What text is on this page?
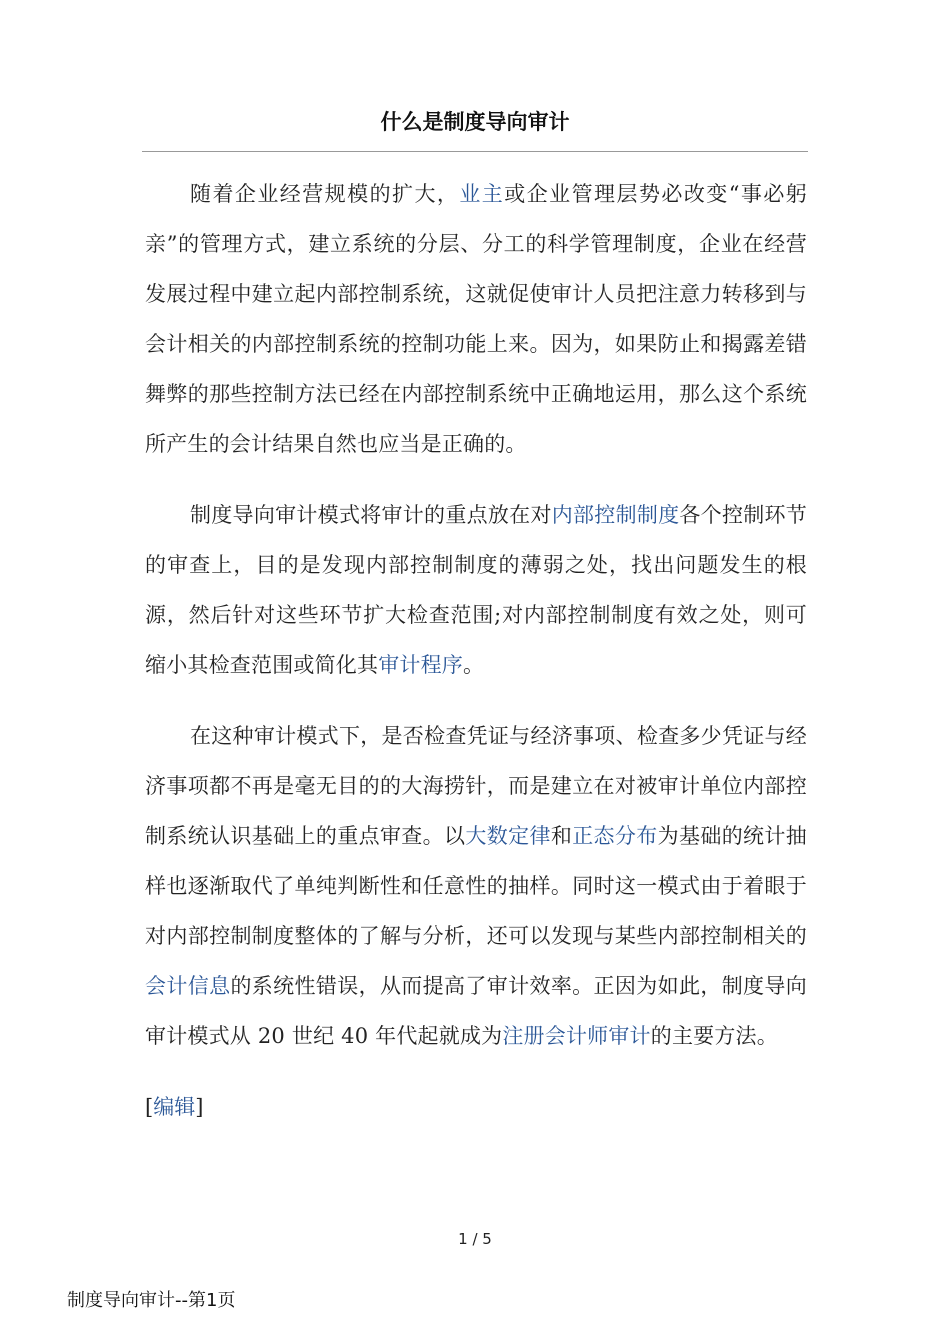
什么是制度导向审计

随着企业经营规模的扩大，业主或企业管理层势必改变“事必躬亲”的管理方式，建立系统的分层、分工的科学管理制度，企业在经营发展过程中建立起内部控制系统，这就促使审计人员把注意力转移到与会计相关的内部控制系统的控制功能上来。因为，如果防止和揭露差错舞弊的那些控制方法已经在内部控制系统中正确地运用，那么这个系统所产生的会计结果自然也应当是正确的。

制度导向审计模式将审计的重点放在对内部控制制度各个控制环节的审查上，目的是发现内部控制制度的薄弱之处，找出问题发生的根源，然后针对这些环节扩大检查范围;对内部控制制度有效之处，则可缩小其检查范围或简化其审计程序。

在这种审计模式下，是否检查凭证与经济事项、检查多少凭证与经济事项都不再是毫无目的的大海捞针，而是建立在对被审计单位内部控制系统认识基础上的重点审查。以大数定律和正态分布为基础的统计抽样也逐渐取代了单纯判断性和任意性的抽样。同时这一模式由于着眼于对内部控制制度整体的了解与分析，还可以发现与某些内部控制相关的会计信息的系统性错误，从而提高了审计效率。正因为如此，制度导向审计模式从 20 世纪 40 年代起就成为注册会计师审计的主要方法。

[编辑]

1 / 5
制度导向审计--第1页
